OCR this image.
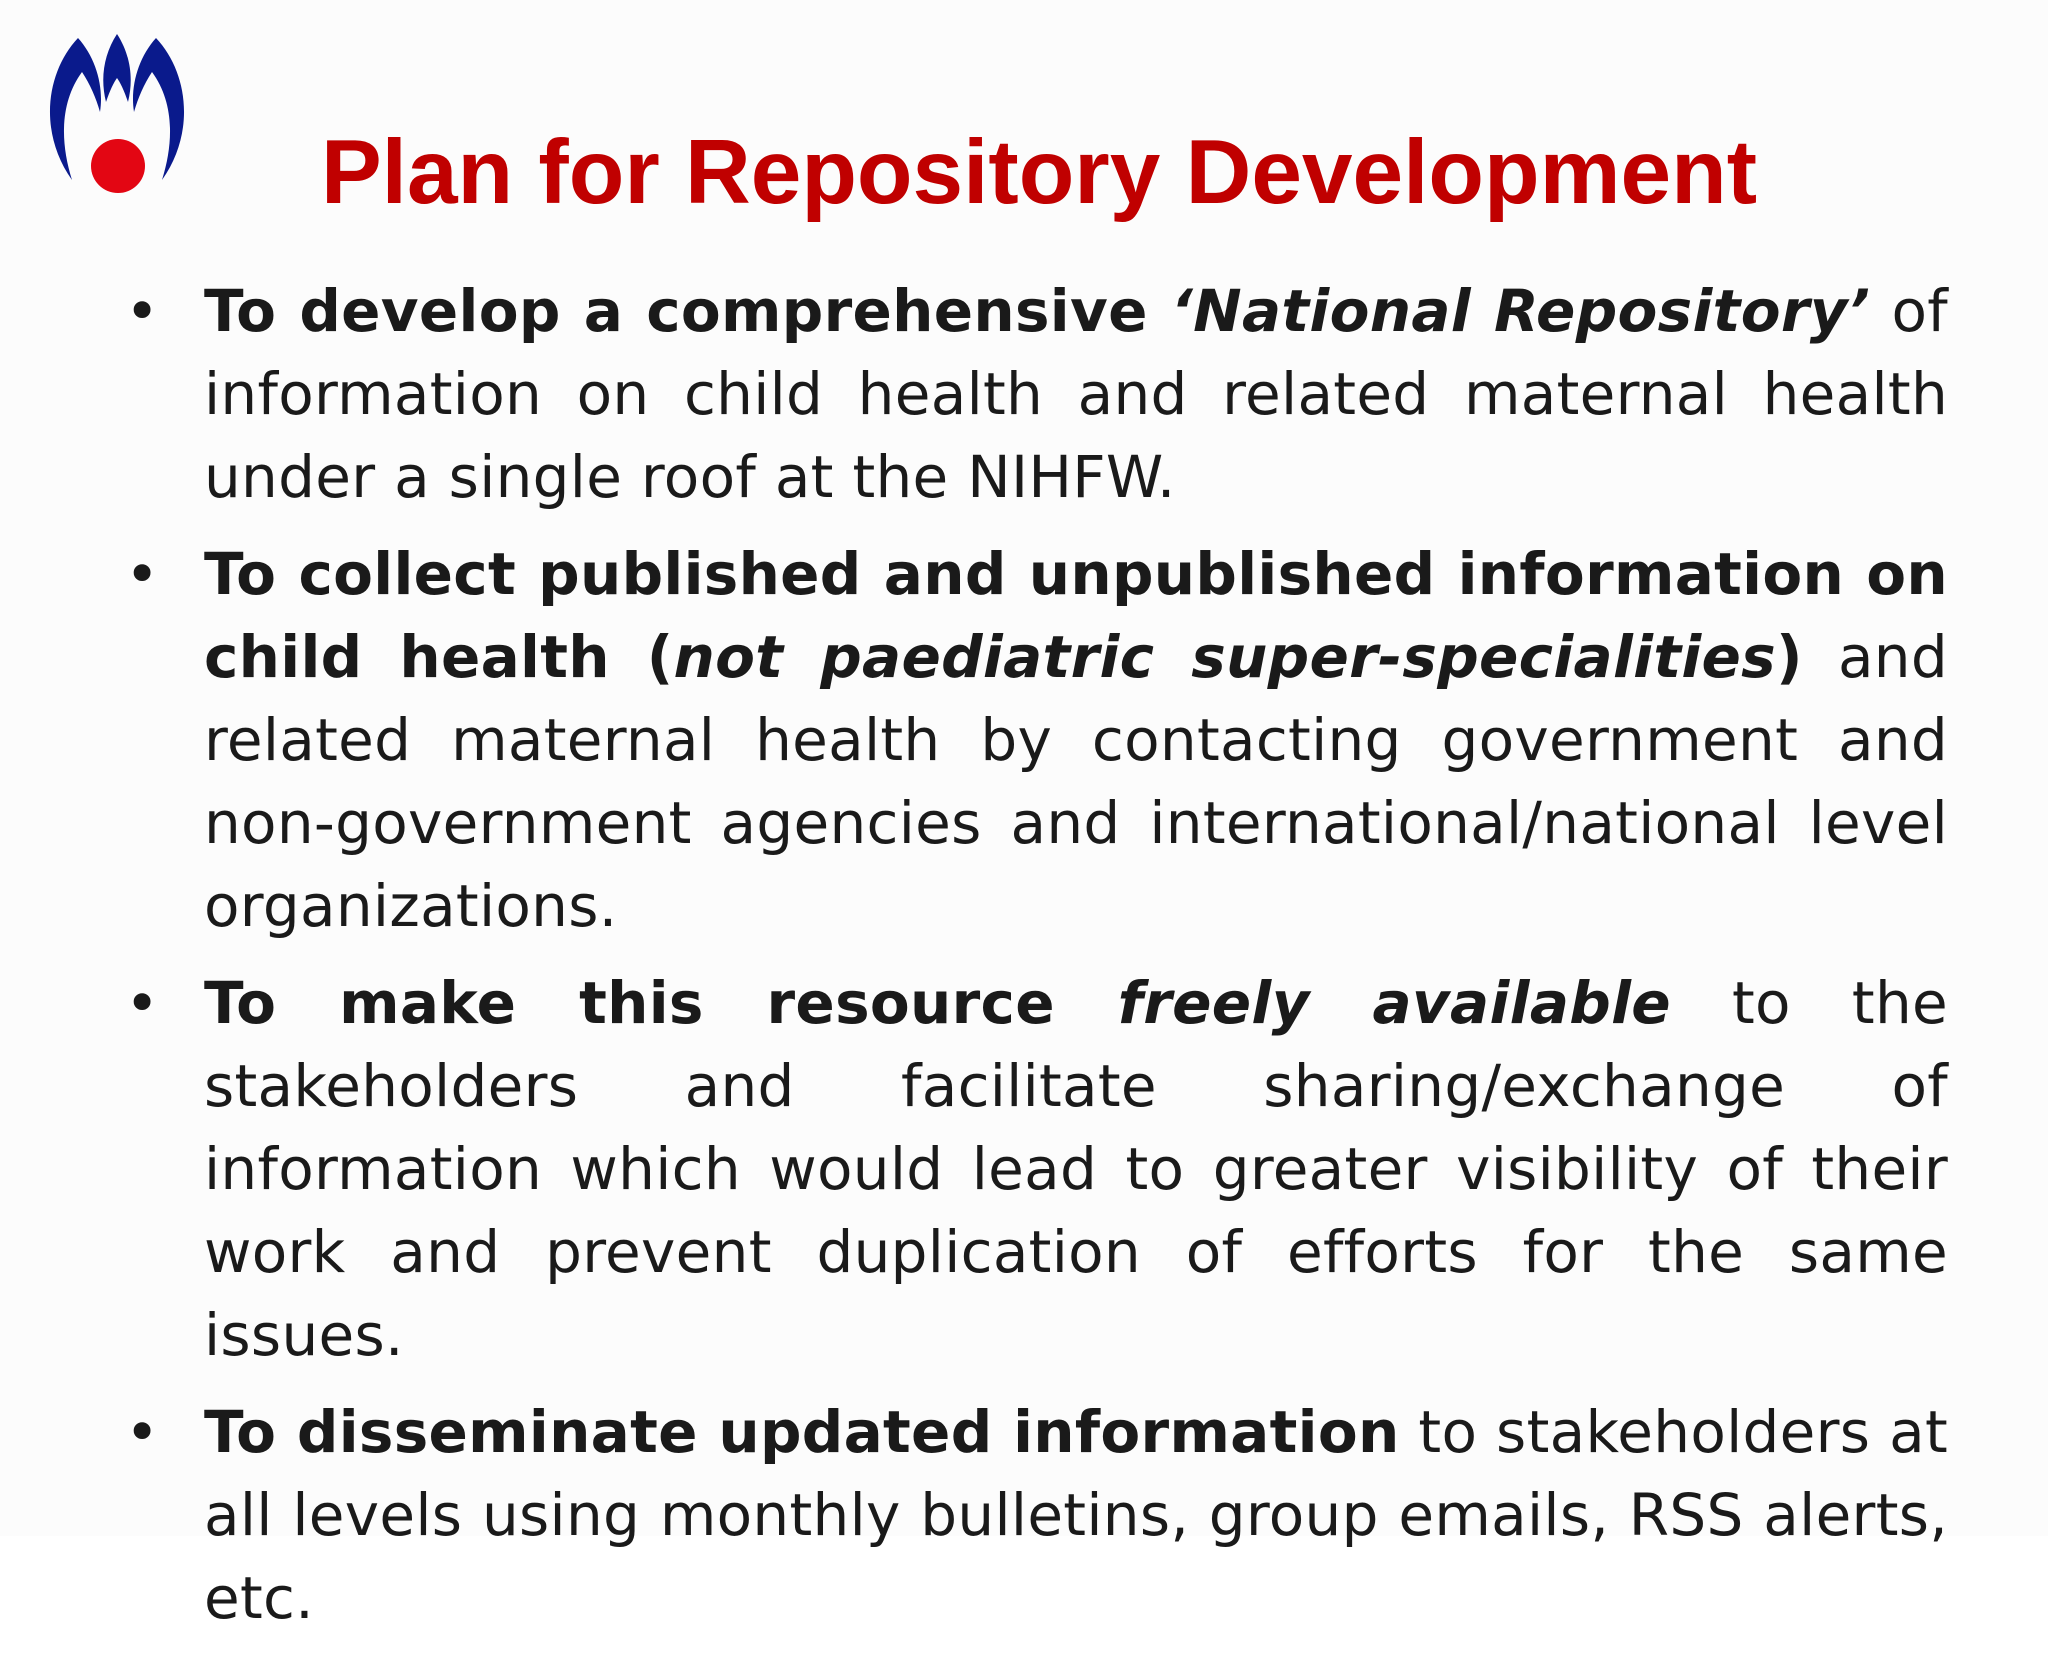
Plan for Repository Development
• To develop a comprehensive ‘National Repository’ of information on child health and related maternal health under a single roof at the NIHFW.
• To collect published and unpublished information on child health (not paediatric super-specialities) and related maternal health by contacting government and non-government agencies and international/national level organizations.
• To make this resource freely available to the stakeholders and facilitate sharing/exchange of information which would lead to greater visibility of their work and prevent duplication of efforts for the same issues.
• To disseminate updated information to stakeholders at all levels using monthly bulletins, group emails, RSS alerts, etc.
